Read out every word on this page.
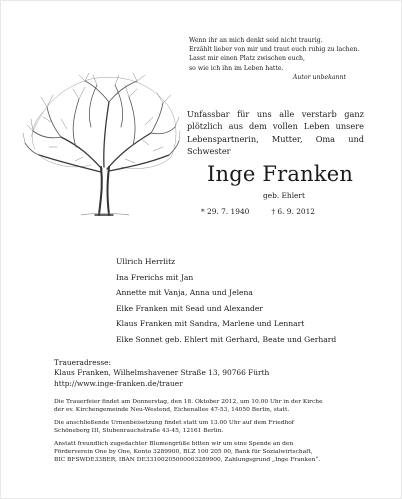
Wenn ihr an mich denkt seid nicht traurig.
Erzählt lieber von mir und traut euch ruhig zu lachen.
Lasst mir einen Platz zwischen euch,
so wie ich ihn im Leben hatte.
Autor unbekannt
Unfassbar für uns alle verstarb ganz
plötzlich aus dem vollen Leben unsere
Lebenspartnerin, Mutter, Oma und
Schwester
Inge Franken
geb. Ehlert
* 29. 7. 1940	† 6. 9. 2012
Ullrich Herrlitz
Ina Frerichs mit Jan
Annette mit Vanja, Anna und Jelena
Elke Franken mit Sead und Alexander
Klaus Franken mit Sandra, Marlene und Lennart
Elke Sonnet geb. Ehlert mit Gerhard, Beate und Gerhard
Traueradresse:
Klaus Franken, Wilhelmshavener Straße 13, 90766 Fürth
http://www.inge-franken.de/trauer

Die Trauerfeier findet am Donnerstag, den 18. Oktober 2012, um 10.00 Uhr in der Kirche
der ev. Kirchengemeinde Neu-Westend, Eichenallee 47-53, 14050 Berlin, statt.

Die anschließende Urnenbeisetzung findet statt um 13.00 Uhr auf dem Friedhof
Schöneberg III, Stubenrauchstraße 43-45, 12161 Berlin.

Anstatt freundlich zugedachter Blumengrüße bitten wir um eine Spende an den
Förderverein One by One, Konto 3289900, BLZ 100 205 00, Bank für Sozialwirtschaft,
BIC BFSWDE33BER, IBAN DE33100205000003289900, Zahlungsgrund „Inge Franken“.
